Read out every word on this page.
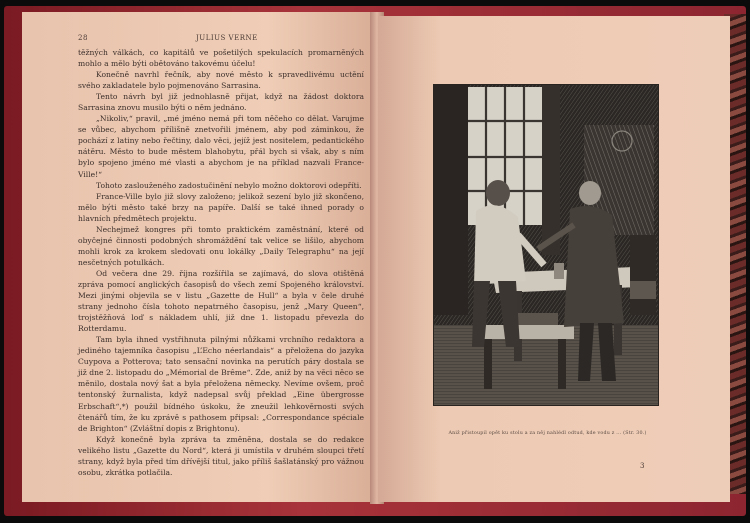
28	JULIUS VERNE

těžných válkách, co kapitálů ve pošetilých spekulacích promarněných mohlo a mělo býti obětováno takovému účelu!

Konečně navrhl řečník, aby nové město k spravedlivému uctění svého zakladatele bylo pojmenováno Sarrasina.

Tento návrh byl již jednohlasně přijat, když na žádost doktora Sarrasina znovu musilo býti o něm jednáno.

„Nikoliv,“ pravil, „mé jméno nemá při tom něčeho co dělat. Varujme se vůbec, abychom přílišně znetvořili jménem, aby pod záminkou, že pochází z latiny nebo řečtiny, dalo věci, jejíž jest nositelem, pedantického nátěru. Město to bude městem blahobytu, přál bych si však, aby s ním bylo spojeno jméno mé vlasti a abychom je na příklad nazvali France-Ville!“

Tohoto zaslouženého zadostučinění nebylo možno doktorovi odepříti.

France-Ville bylo již slovy založeno; jelikož sezení bylo již skončeno, mělo býti město také brzy na papíře. Další se také ihned porady o hlavních předmětech projektu.

Nechejmež kongres při tomto praktickém zaměstnání, které od obyčejné činnosti podobných shromáždění tak velice se lišilo, abychom mohli krok za krokem sledovati onu lokálky „Daily Telegraphu“ na její nesčetných potulkách.

Od večera dne 29. října rozšířila se zajímavá, do slova otištěná zpráva pomocí anglických časopisů do všech zemí Spojeného království. Mezi jinými objevila se v listu „Gazette de Hull“ a byla v čele druhé strany jednoho čísla tohoto nepatrného časopisu, jenž „Mary Queen“, trojstěžňová loď s nákladem uhlí, již dne 1. listopadu převezla do Rotterdamu.

Tam byla ihned vystřihnuta pilnými nůžkami vrchního redaktora a jediného tajemníka časopisu „L’Echo néerlandais“ a přeložena do jazyka Cuypova a Potterova; tato sensační novinka na perutích páry dostala se již dne 2. listopadu do „Mémorial de Brême“. Zde, aniž by na věci něco se měnilo, dostala nový šat a byla přeložena německy. Nevíme ovšem, proč tentonský žurnalista, když nadepsal svůj překlad „Eine übergrosse Erbschaft“,*) použil bídného úskoku, že zneužil lehkověrnosti svých čtenářů tím, že ku zprávě s pathosem připsal: „Correspondance spéciale de Brighton“ (Zvláštní dopis z Brightonu).

Když konečně byla zpráva ta změněna, dostala se do redakce velikého listu „Gazette du Nord“, která ji umístila v druhém sloupci třetí strany, když byla před tím dřívější titul, jako příliš šašlatánský pro vážnou osobu, zkrátka potlačila.

Aniž přistoupil opět ku stolu a za něj nahlédl odtud, kde vodu z ... (Str. 30.)
3
